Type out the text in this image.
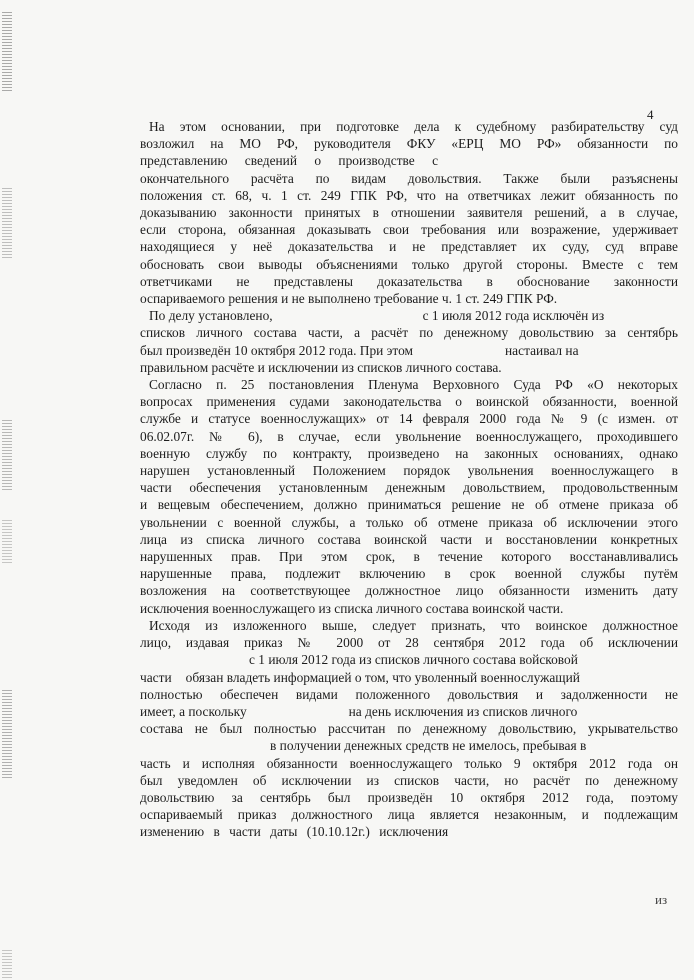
4
На этом основании, при подготовке дела к судебному разбирательству суд
возложил на МО РФ, руководителя ФКУ «ЕРЦ МО РФ» обязанности по
представлению сведений о производстве с
окончательного расчёта по видам довольствия. Также были разъяснены
положения ст. 68, ч. 1 ст. 249 ГПК РФ, что на ответчиках лежит обязанность по
доказыванию законности принятых в отношении заявителя решений, а в случае,
если сторона, обязанная доказывать свои требования или возражение, удерживает
находящиеся у неё доказательства и не представляет их суду, суд вправе
обосновать свои выводы объяснениями только другой стороны. Вместе с тем
ответчиками не представлены доказательства в обоснование законности
оспариваемого решения и не выполнено требование ч. 1 ст. 249 ГПК РФ.
По делу установлено,	с 1 июля 2012 года исключён из
списков личного состава части, а расчёт по денежному довольствию за сентябрь
был произведён 10 октября 2012 года. При этом	настаивал на
правильном расчёте и исключении из списков личного состава.
Согласно п. 25 постановления Пленума Верховного Суда РФ «О некоторых
вопросах применения судами законодательства о воинской обязанности, военной
службе и статусе военнослужащих» от 14 февраля 2000 года № 9 (с измен. от
06.02.07г. № 6), в случае, если увольнение военнослужащего, проходившего
военную службу по контракту, произведено на законных основаниях, однако
нарушен установленный Положением порядок увольнения военнослужащего в
части обеспечения установленным денежным довольствием, продовольственным
и вещевым обеспечением, должно приниматься решение не об отмене приказа об
увольнении с военной службы, а только об отмене приказа об исключении этого
лица из списка личного состава воинской части и восстановлении конкретных
нарушенных прав. При этом срок, в течение которого восстанавливались
нарушенные права, подлежит включению в срок военной службы путём
возложения на соответствующее должностное лицо обязанности изменить дату
исключения военнослужащего из списка личного состава воинской части.
Исходя из изложенного выше, следует признать, что воинское должностное
лицо, издавая приказ № 2000 от 28 сентября 2012 года об исключении
с 1 июля 2012 года из списков личного состава войсковой
части обязан владеть информацией о том, что уволенный военнослужащий
полностью обеспечен видами положенного довольствия и задолженности не
имеет, а поскольку	на день исключения из списков личного
состава не был полностью рассчитан по денежному довольствию, укрывательство
в получении денежных средств не имелось, пребывая в
часть и исполняя обязанности военнослужащего только 9 октября 2012 года он
был уведомлен об исключении из списков части, но расчёт по денежному
довольствию за сентябрь был произведён 10 октября 2012 года, поэтому
оспариваемый приказ должностного лица является незаконным, и подлежащим
изменению в части даты (10.10.12г.) исключения
из
